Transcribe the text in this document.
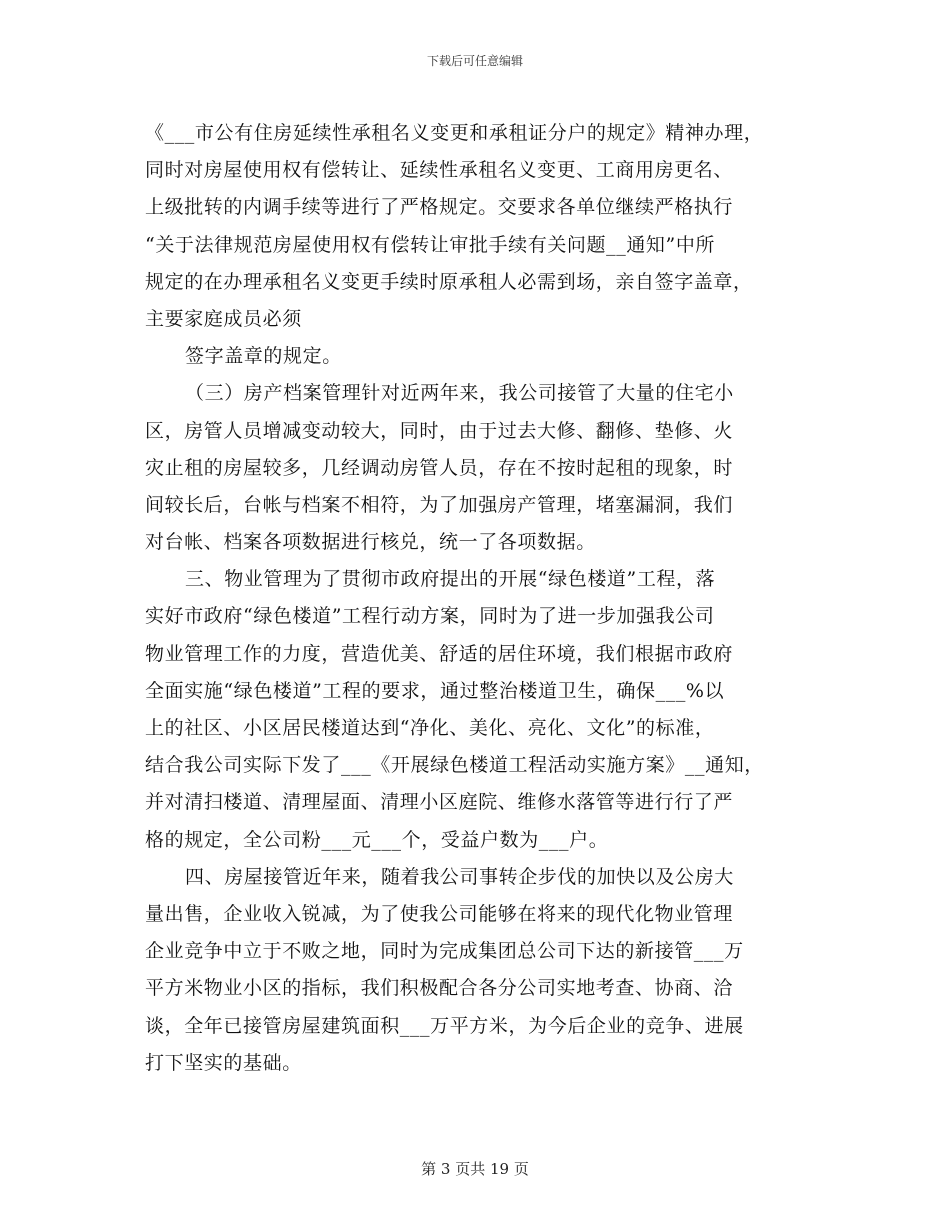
下载后可任意编辑
《___市公有住房延续性承租名义变更和承租证分户的规定》精神办理，
同时对房屋使用权有偿转让、延续性承租名义变更、工商用房更名、
上级批转的内调手续等进行了严格规定。交要求各单位继续严格执行
“关于法律规范房屋使用权有偿转让审批手续有关问题__通知”中所
规定的在办理承租名义变更手续时原承租人必需到场，亲自签字盖章，
主要家庭成员必须
签字盖章的规定。
（三）房产档案管理针对近两年来，我公司接管了大量的住宅小
区，房管人员增减变动较大，同时，由于过去大修、翻修、垫修、火
灾止租的房屋较多，几经调动房管人员，存在不按时起租的现象，时
间较长后，台帐与档案不相符，为了加强房产管理，堵塞漏洞，我们
对台帐、档案各项数据进行核兑，统一了各项数据。
三、物业管理为了贯彻市政府提出的开展“绿色楼道”工程，落
实好市政府“绿色楼道”工程行动方案，同时为了进一步加强我公司
物业管理工作的力度，营造优美、舒适的居住环境，我们根据市政府
全面实施“绿色楼道”工程的要求，通过整治楼道卫生，确保___%以
上的社区、小区居民楼道达到“净化、美化、亮化、文化”的标准，
结合我公司实际下发了___《开展绿色楼道工程活动实施方案》__通知，
并对清扫楼道、清理屋面、清理小区庭院、维修水落管等进行行了严
格的规定，全公司粉___元___个，受益户数为___户。
四、房屋接管近年来，随着我公司事转企步伐的加快以及公房大
量出售，企业收入锐减，为了使我公司能够在将来的现代化物业管理
企业竞争中立于不败之地，同时为完成集团总公司下达的新接管___万
平方米物业小区的指标，我们积极配合各分公司实地考查、协商、洽
谈，全年已接管房屋建筑面积___万平方米，为今后企业的竞争、进展
打下坚实的基础。
第 3 页共 19 页
